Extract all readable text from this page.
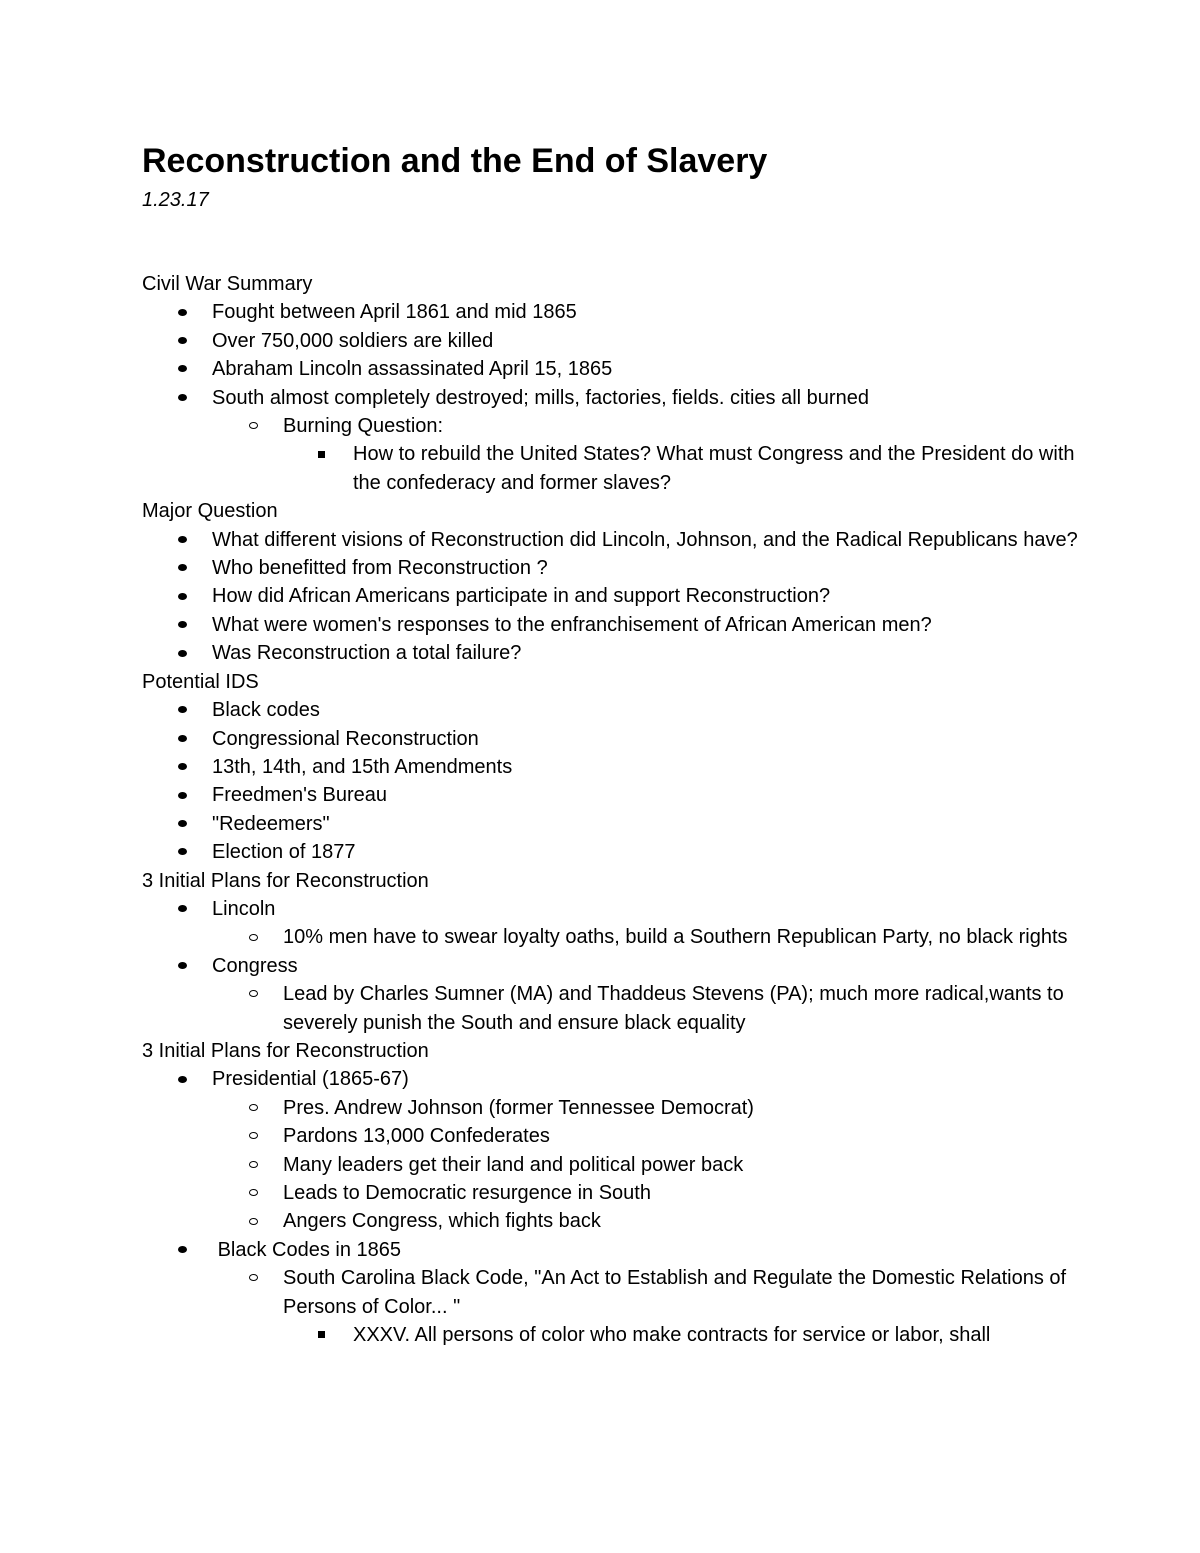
Reconstruction and the End of Slavery
1.23.17
Civil War Summary
Fought between April 1861 and mid 1865
Over 750,000 soldiers are killed
Abraham Lincoln assassinated April 15, 1865
South almost completely destroyed; mills, factories, fields. cities all burned
Burning Question:
How to rebuild the United States? What must Congress and the President do with the confederacy and former slaves?
Major Question
What different visions of Reconstruction did Lincoln, Johnson, and the Radical Republicans have?
Who benefitted from Reconstruction ?
How did African Americans participate in and support Reconstruction?
What were women's responses to the enfranchisement of African American men?
Was Reconstruction a total failure?
Potential IDS
Black codes
Congressional Reconstruction
13th, 14th, and 15th Amendments
Freedmen's Bureau
"Redeemers"
Election of 1877
3 Initial Plans for Reconstruction
Lincoln
10% men have to swear loyalty oaths, build a Southern Republican Party, no black rights
Congress
Lead by Charles Sumner (MA) and Thaddeus Stevens (PA); much more radical,wants to severely punish the South and ensure black equality
3 Initial Plans for Reconstruction
Presidential (1865-67)
Pres. Andrew Johnson (former Tennessee Democrat)
Pardons 13,000 Confederates
Many leaders get their land and political power back
Leads to Democratic resurgence in South
Angers Congress, which fights back
Black Codes in 1865
South Carolina Black Code, "An Act to Establish and Regulate the Domestic Relations of Persons of Color... "
XXXV. All persons of color who make contracts for service or labor, shall
